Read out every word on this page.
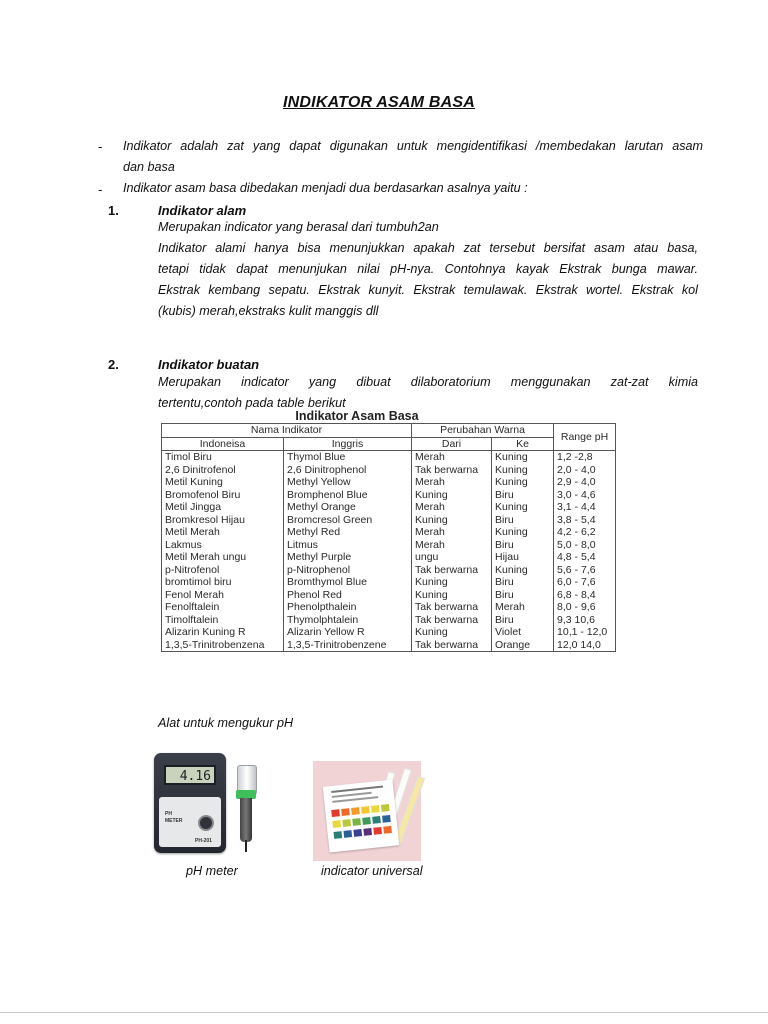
INDIKATOR ASAM BASA
- Indikator adalah zat yang dapat digunakan untuk mengidentifikasi /membedakan larutan asam
dan basa
- Indikator asam basa dibedakan menjadi dua berdasarkan asalnya yaitu :
1.	Indikator alam
Merupakan indicator yang berasal dari tumbuh2an
Indikator alami hanya bisa menunjukkan apakah zat tersebut bersifat asam atau basa,
tetapi tidak dapat menunjukan nilai pH-nya. Contohnya kayak Ekstrak bunga mawar.
Ekstrak kembang sepatu. Ekstrak kunyit. Ekstrak temulawak. Ekstrak wortel. Ekstrak kol
(kubis) merah,ekstraks kulit manggis dll
2.	Indikator buatan
Merupakan indicator yang dibuat dilaboratorium menggunakan zat-zat kimia
tertentu,contoh pada table berikut
Indikator Asam Basa
Nama Indikator		Perubahan Warna		Range pH
Indoneisa	Inggris	Dari	Ke	
Timol Biru	Thymol Blue	Merah	Kuning	1,2 -2,8
2,6 Dinitrofenol	2,6 Dinitrophenol	Tak berwarna	Kuning	2,0 - 4,0
Metil Kuning	Methyl Yellow	Merah	Kuning	2,9 - 4,0
Bromofenol Biru	Bromphenol Blue	Kuning	Biru	3,0 - 4,6
Metil Jingga	Methyl Orange	Merah	Kuning	3,1 - 4,4
Bromkresol Hijau	Bromcresol Green	Kuning	Biru	3,8 - 5,4
Metil Merah	Methyl Red	Merah	Kuning	4,2 - 6,2
Lakmus	Litmus	Merah	Biru	5,0 - 8,0
Metil Merah ungu	Methyl Purple	ungu	Hijau	4,8 - 5,4
p-Nitrofenol	p-Nitrophenol	Tak berwarna	Kuning	5,6 - 7,6
bromtimol biru	Bromthymol Blue	Kuning	Biru	6,0 - 7,6
Fenol Merah	Phenol Red	Kuning	Biru	6,8 - 8,4
Fenolftalein	Phenolpthalein	Tak berwarna	Merah	8,0 - 9,6
Timolftalein	Thymolphtalein	Tak berwarna	Biru	9,3 10,6
Alizarin Kuning R	Alizarin Yellow R	Kuning	Violet	10,1 - 12,0
1,3,5-Trinitrobenzena	1,3,5-Trinitrobenzene	Tak berwarna	Orange	12,0 14,0
Alat untuk mengukur pH
4.16
PH
METER
PH-201
pH meter	indicator universal
